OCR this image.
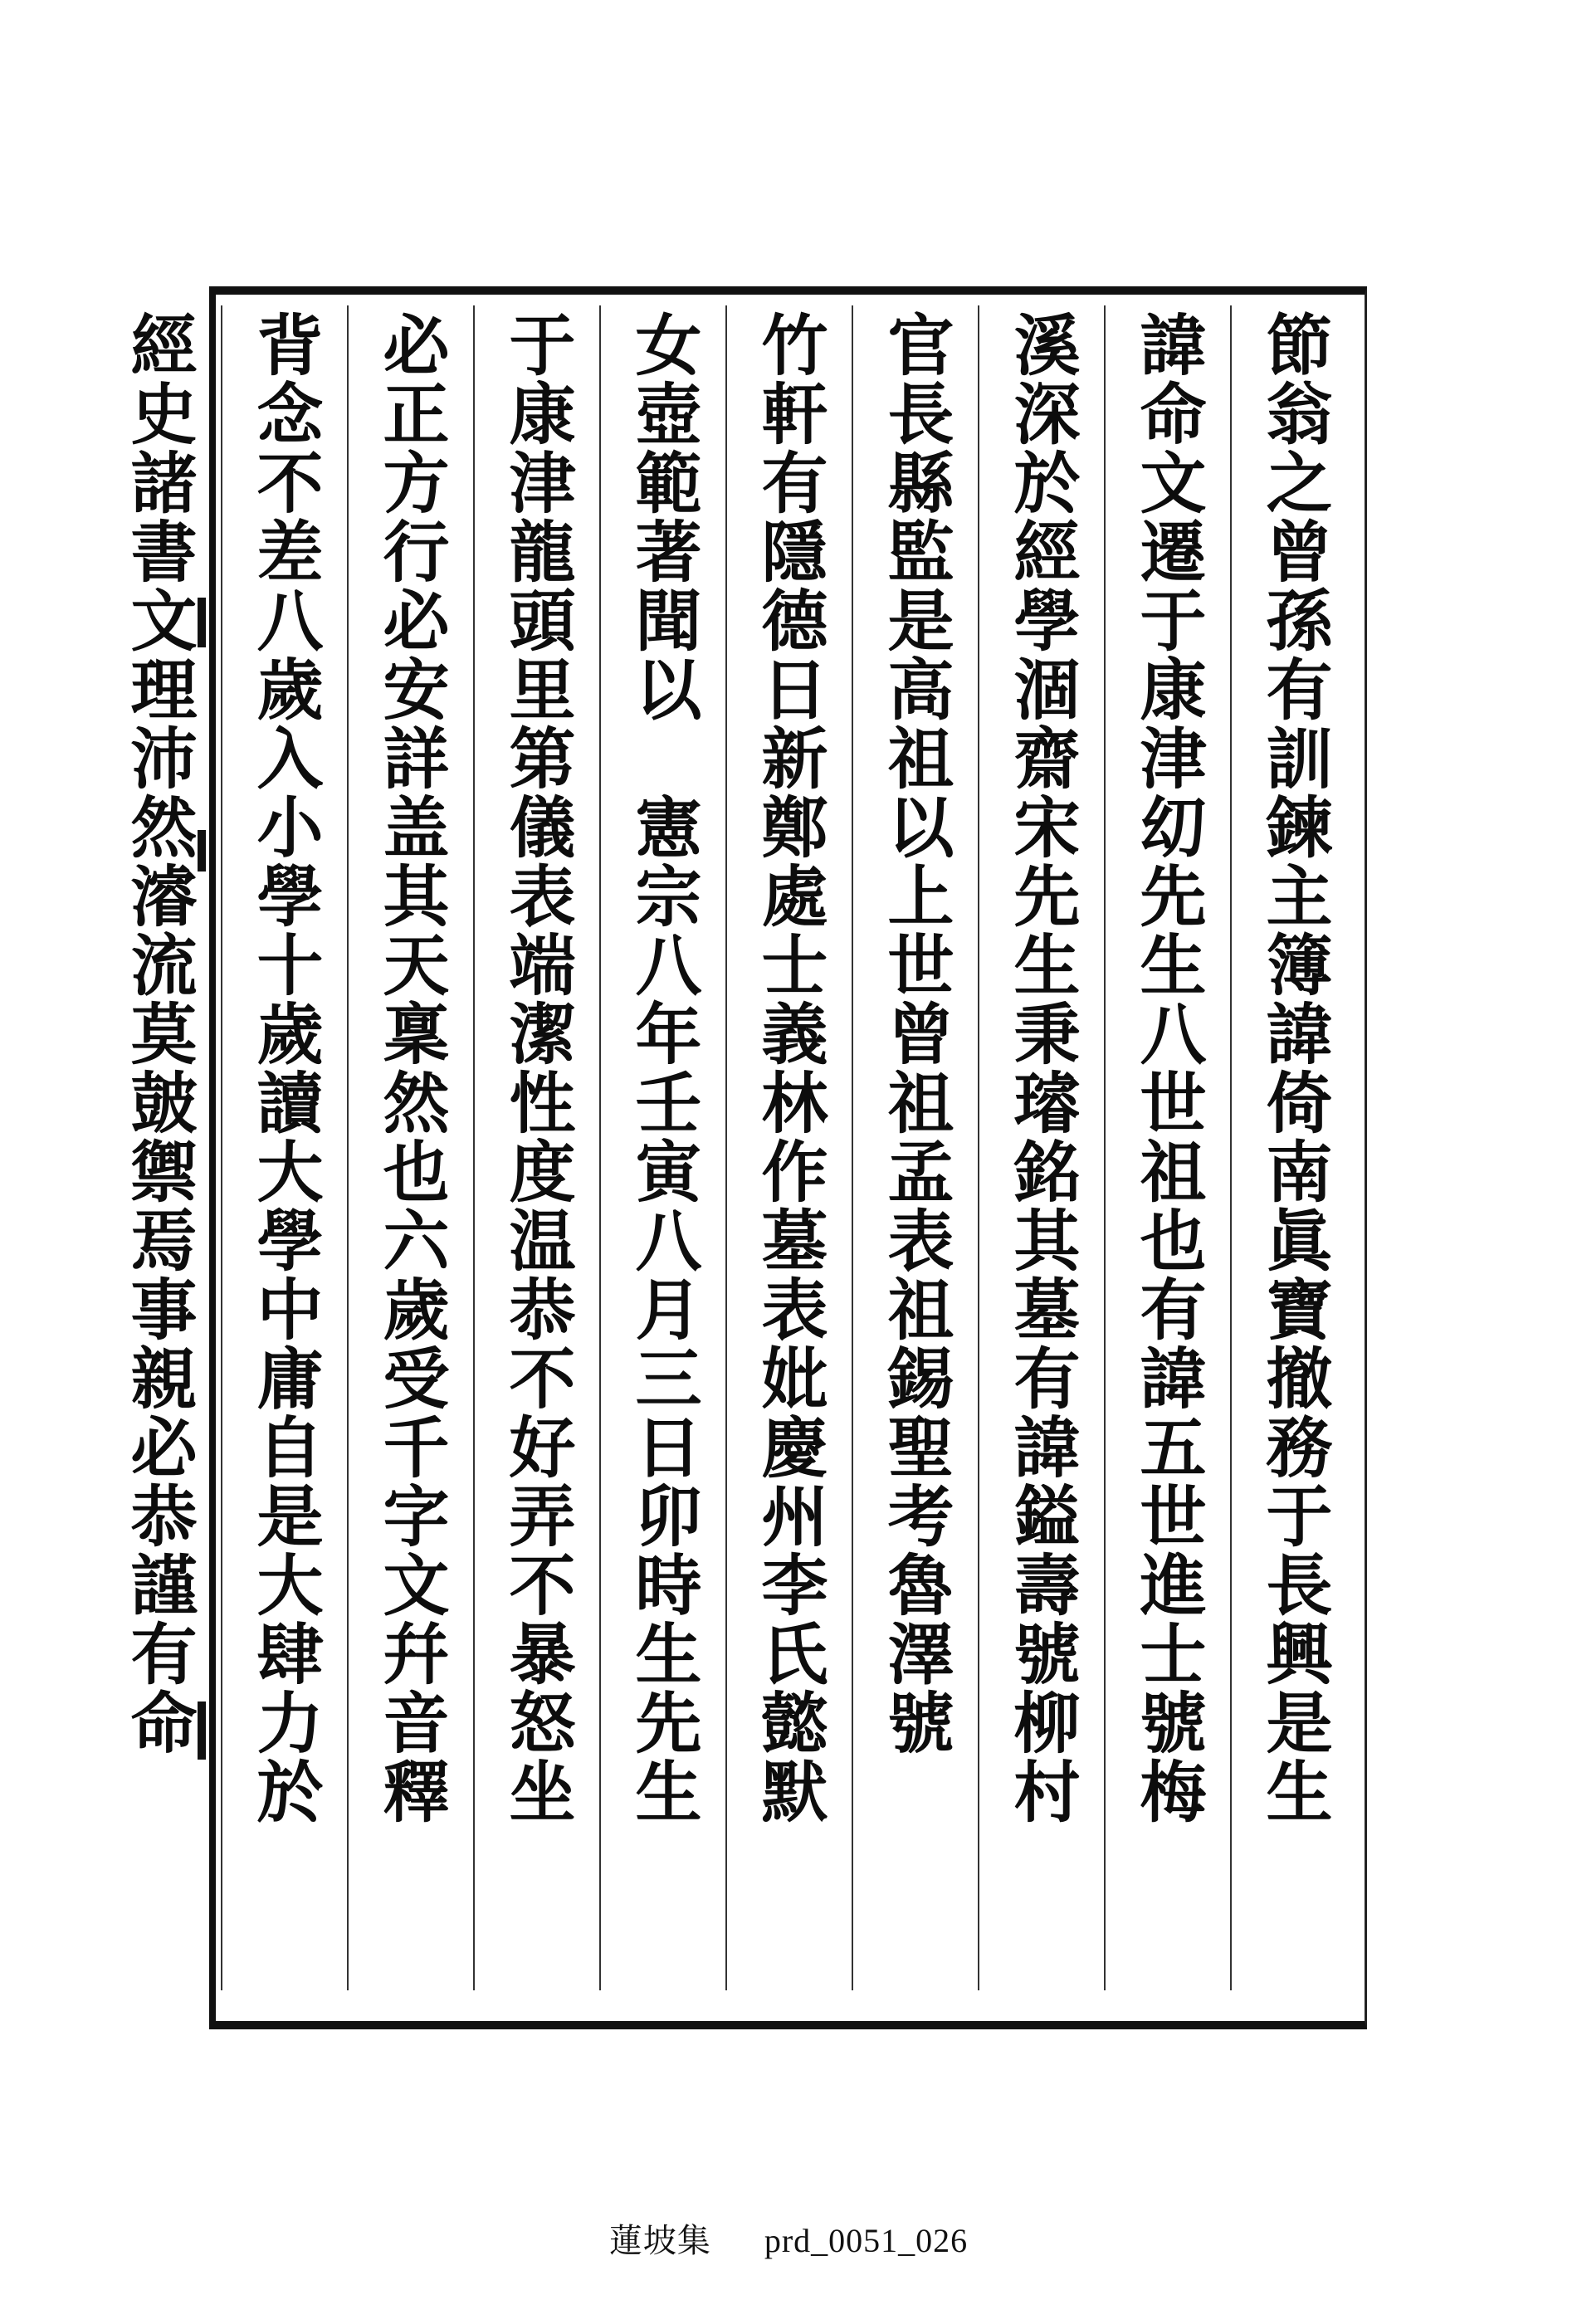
節翁之曾孫有訓鍊主簿諱倚南眞寶撤務于長興是生
諱命文遷于康津㓜先生八世祖也有諱五世進士號梅
溪深於經學涸齋宋先生秉璿銘其墓有諱鎰壽號柳村
官長縣監是高祖以上世曾祖孟表祖錫聖考魯澤號
竹軒有隱德日新鄭處士義林作墓表妣慶州李氏懿默
女壺範著聞以　憲宗八年壬寅八月三日卯時生先生
于康津龍頭里第儀表端潔性度温恭不好弄不暴怒坐
必正方行必安詳盖其天稟然也六歲受千字文幷音釋
背念不差八歲入小學十歲讀大學中庸自是大肆力於
經史諸書文理沛然濬流莫皷禦焉事親必恭謹有命
蓮坡集 prd_0051_026
